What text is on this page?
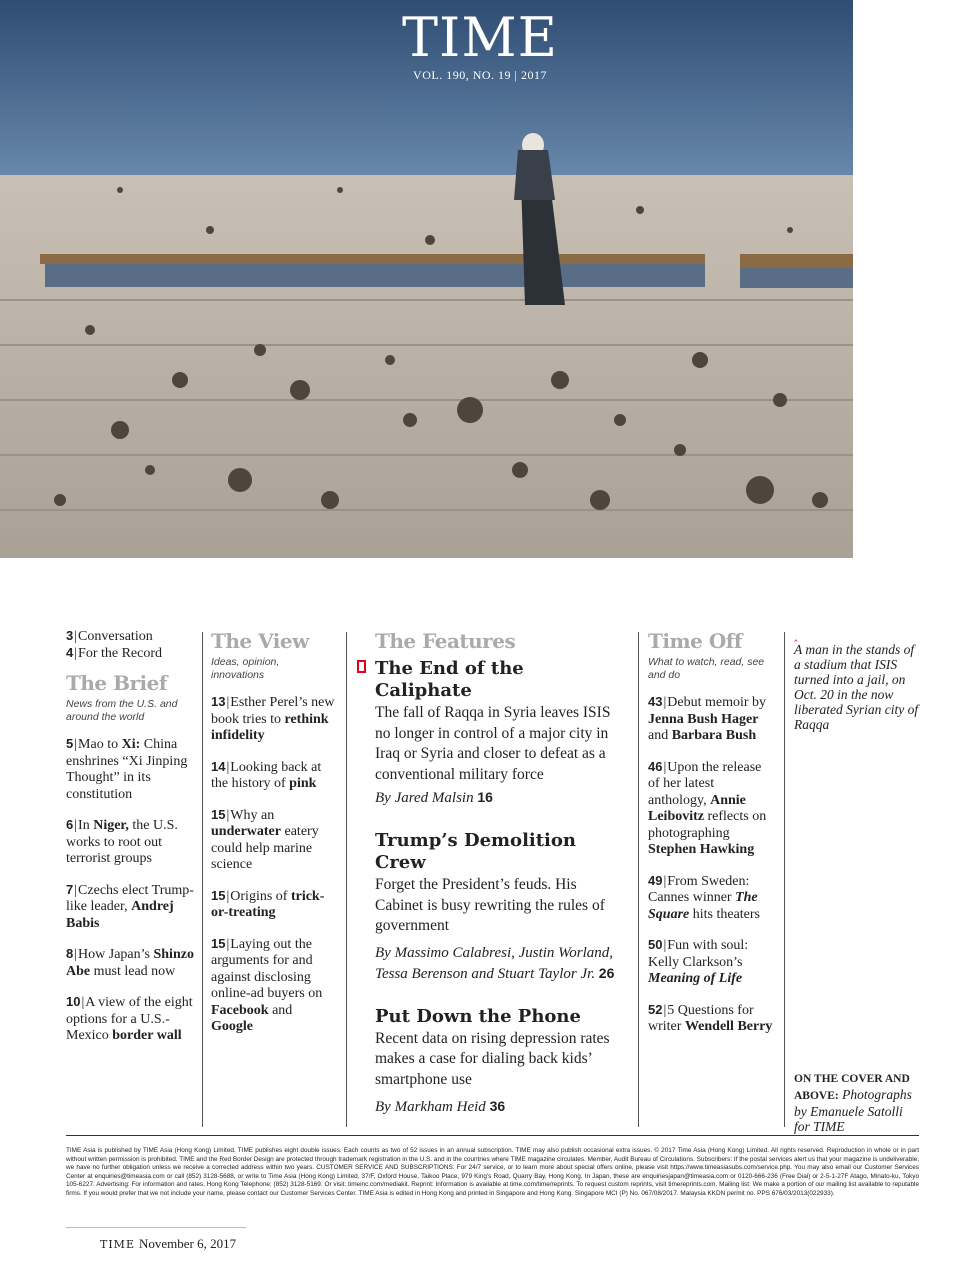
TIME
VOL. 190, NO. 19 | 2017
3|Conversation
4|For the Record
The Brief
News from the U.S. and around the world
5|Mao to Xi: China enshrines “Xi Jinping Thought” in its constitution
6|In Niger, the U.S. works to root out terrorist groups
7|Czechs elect Trump-like leader, Andrej Babis
8|How Japan’s Shinzo Abe must lead now
10|A view of the eight options for a U.S.-Mexico border wall
The View
Ideas, opinion, innovations
13|Esther Perel’s new book tries to rethink infidelity
14|Looking back at the history of pink
15|Why an underwater eatery could help marine science
15|Origins of trick-or-treating
15|Laying out the arguments for and against disclosing online-ad buyers on Facebook and Google
The Features
The End of the Caliphate
The fall of Raqqa in Syria leaves ISIS no longer in control of a major city in Iraq or Syria and closer to defeat as a conventional military force
By Jared Malsin 16
Trump’s Demolition Crew
Forget the President’s feuds. His Cabinet is busy rewriting the rules of government
By Massimo Calabresi, Justin Worland, Tessa Berenson and Stuart Taylor Jr. 26
Put Down the Phone
Recent data on rising depression rates makes a case for dialing back kids’ smartphone use
By Markham Heid 36
Time Off
What to watch, read, see and do
43|Debut memoir by Jenna Bush Hager and Barbara Bush
46|Upon the release of her latest anthology, Annie Leibovitz reflects on photographing Stephen Hawking
49|From Sweden: Cannes winner The Square hits theaters
50|Fun with soul: Kelly Clarkson’s Meaning of Life
52|5 Questions for writer Wendell Berry
‸
A man in the stands of a stadium that ISIS turned into a jail, on Oct. 20 in the now liberated Syrian city of Raqqa
ON THE COVER AND ABOVE: Photographs by Emanuele Satolli for TIME
TIME Asia is published by TIME Asia (Hong Kong) Limited. TIME publishes eight double issues. Each counts as two of 52 issues in an annual subscription. TIME may also publish occasional extra issues. © 2017 Time Asia (Hong Kong) Limited. All rights reserved. Reproduction in whole or in part without written permission is prohibited. TIME and the Red Border Design are protected through trademark registration in the U.S. and in the countries where TIME magazine circulates. Member, Audit Bureau of Circulations. Subscribers: If the postal services alert us that your magazine is undeliverable, we have no further obligation unless we receive a corrected address within two years. CUSTOMER SERVICE AND SUBSCRIPTIONS: For 24/7 service, or to learn more about special offers online, please visit https://www.timeasiasubs.com/service.php. You may also email our Customer Services Center at enquiries@timeasia.com or call (852) 3128-5688, or write to Time Asia (Hong Kong) Limited, 37/F, Oxford House, Taikoo Place, 979 King’s Road, Quarry Bay, Hong Kong. In Japan, these are enquiriesjapan@timeasia.com or 0120-666-236 (Free Dial) or 2-5-1-27F Atago, Minato-ku, Tokyo 105-6227. Advertising: For information and rates, Hong Kong Telephone: (852) 3128-5169. Or visit: timeinc.com/mediakit. Reprint: Information is available at time.com/time/reprints. To request custom reprints, visit timereprints.com. Mailing list: We make a portion of our mailing list available to reputable firms. If you would prefer that we not include your name, please contact our Customer Services Center. TIME Asia is edited in Hong Kong and printed in Singapore and Hong Kong. Singapore MCI (P) No. 067/08/2017. Malaysia KKDN permit no. PPS 676/03/2013(022933).
TIME November 6, 2017
